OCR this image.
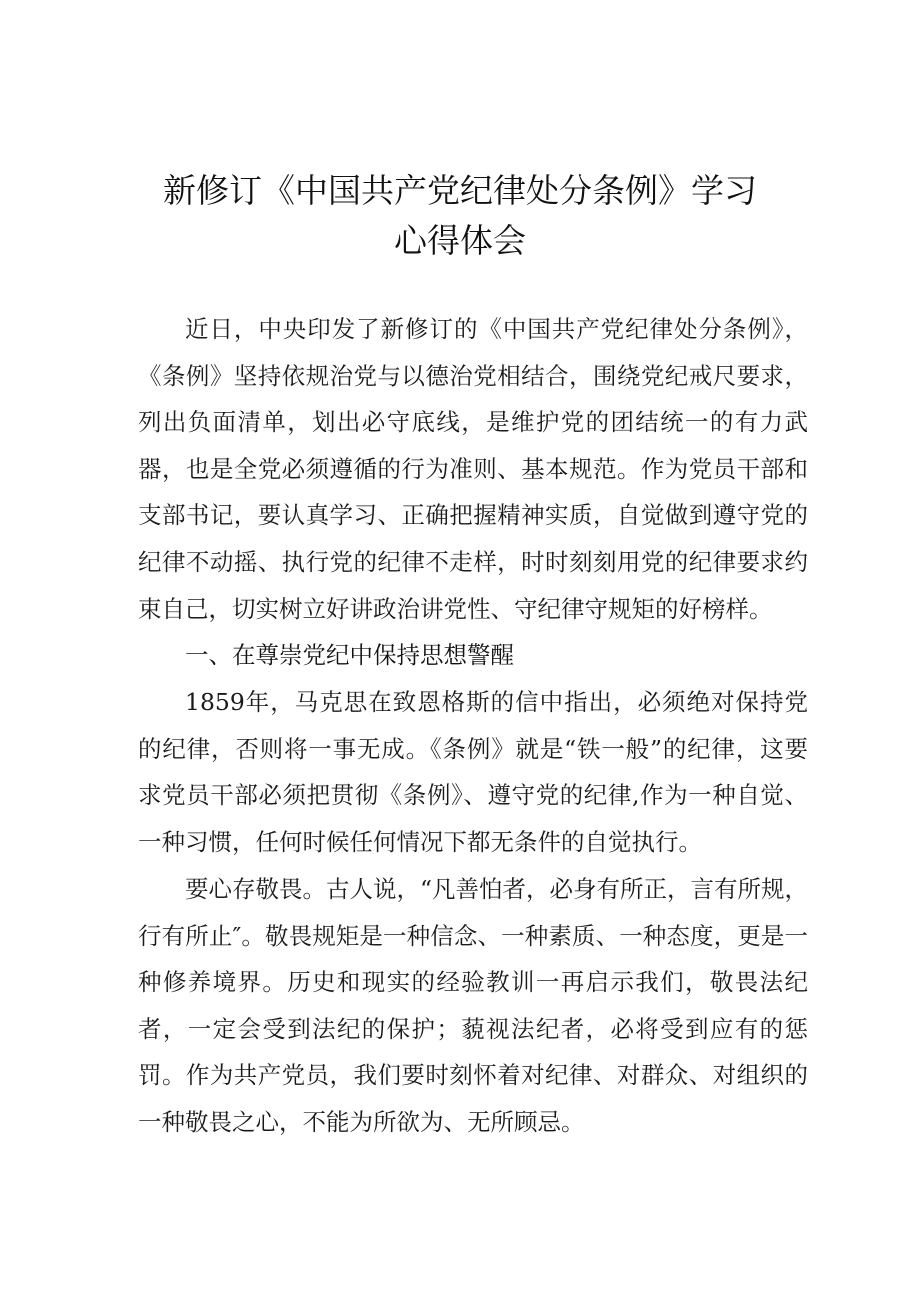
新修订《中国共产党纪律处分条例》学习
心得体会

近日，中央印发了新修订的《中国共产党纪律处分条例》，《条例》坚持依规治党与以德治党相结合，围绕党纪戒尺要求，列出负面清单，划出必守底线，是维护党的团结统一的有力武器，也是全党必须遵循的行为准则、基本规范。作为党员干部和支部书记，要认真学习、正确把握精神实质，自觉做到遵守党的纪律不动摇、执行党的纪律不走样，时时刻刻用党的纪律要求约束自己，切实树立好讲政治讲党性、守纪律守规矩的好榜样。

一、在尊崇党纪中保持思想警醒

1859年，马克思在致恩格斯的信中指出，必须绝对保持党的纪律，否则将一事无成。《条例》就是“铁一般”的纪律，这要求党员干部必须把贯彻《条例》、遵守党的纪律,作为一种自觉、一种习惯，任何时候任何情况下都无条件的自觉执行。

要心存敬畏。古人说，“凡善怕者，必身有所正，言有所规，行有所止″。敬畏规矩是一种信念、一种素质、一种态度，更是一种修养境界。历史和现实的经验教训一再启示我们，敬畏法纪者，一定会受到法纪的保护；藐视法纪者，必将受到应有的惩罚。作为共产党员，我们要时刻怀着对纪律、对群众、对组织的一种敬畏之心，不能为所欲为、无所顾忌。
